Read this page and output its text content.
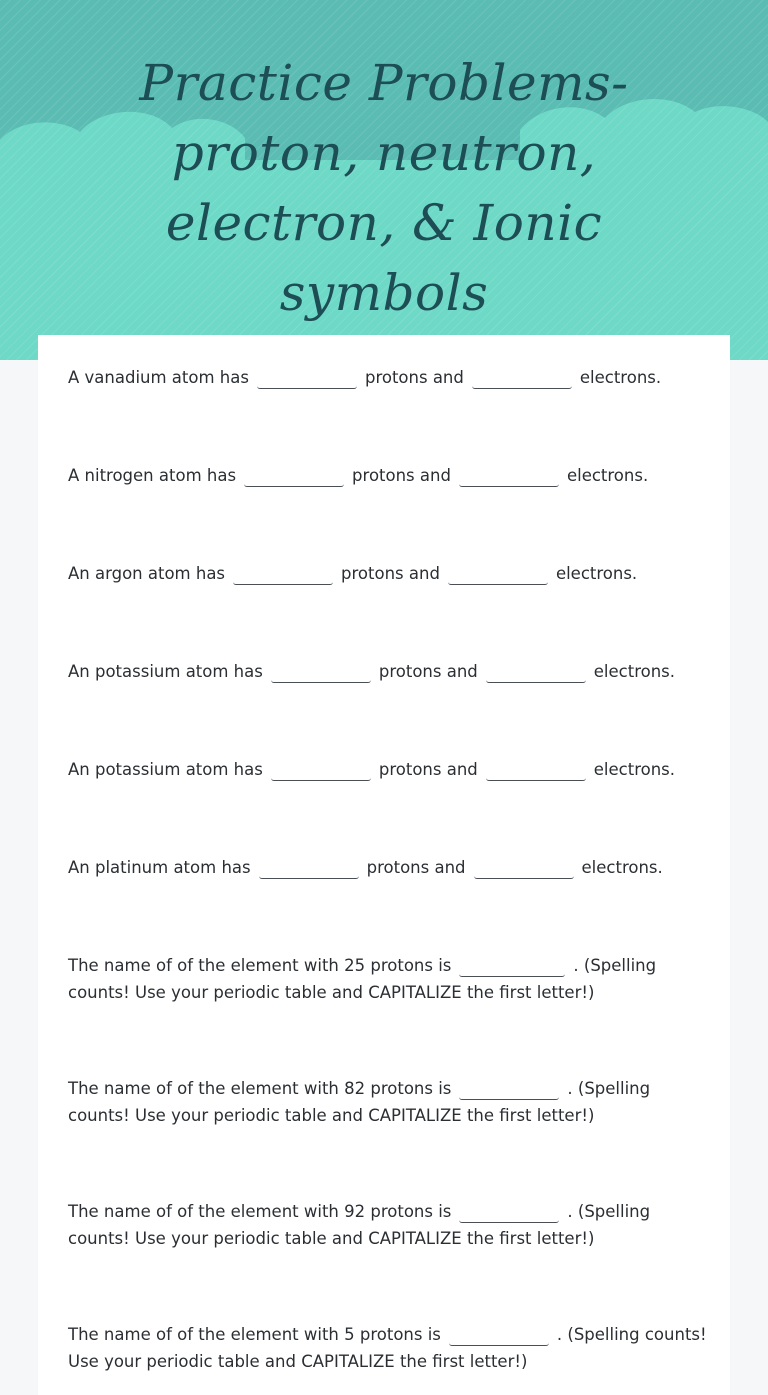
Practice Problems-proton, neutron, electron, & Ionic symbols
A vanadium atom has	protons and	electrons.
A nitrogen atom has	protons and	electrons.
An argon atom has	protons and	electrons.
An potassium atom has	protons and	electrons.
An potassium atom has	protons and	electrons.
An platinum atom has	protons and	electrons.
The name of of the element with 25 protons is	. (Spelling counts! Use your periodic table and CAPITALIZE the first letter!)
The name of of the element with 82 protons is	. (Spelling counts! Use your periodic table and CAPITALIZE the first letter!)
The name of of the element with 92 protons is	. (Spelling counts! Use your periodic table and CAPITALIZE the first letter!)
The name of of the element with 5 protons is	. (Spelling counts! Use your periodic table and CAPITALIZE the first letter!)
